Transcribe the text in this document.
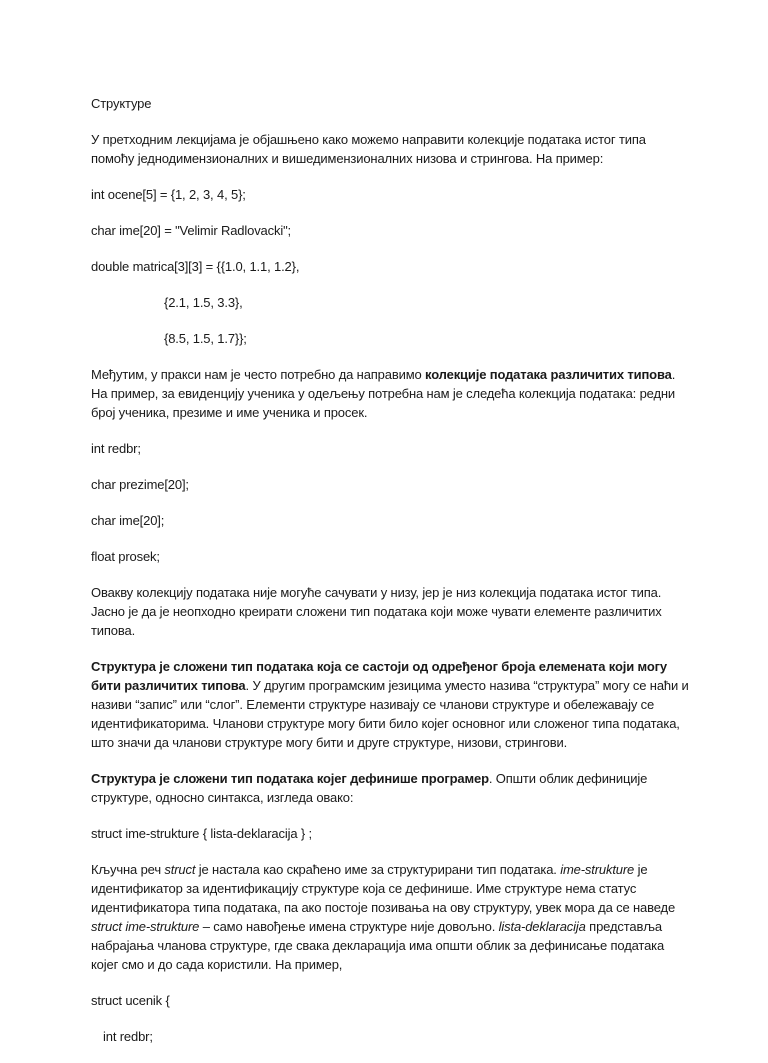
Структуре

У претходним лекцијама је објашњено како можемо направити колекције података истог типа помоћу једнодимензионалних и вишедимензионалних низова и стрингова. На пример:

int ocene[5] = {1, 2, 3, 4, 5};

char ime[20] = "Velimir Radlovacki";

double matrica[3][3] = {{1.0, 1.1, 1.2},

{2.1, 1.5, 3.3},

{8.5, 1.5, 1.7}};

Међутим, у пракси нам је често потребно да направимо колекције података различитих типова. На пример, за евиденцију ученика у одељењу потребна нам је следећа колекција података: редни број ученика, презиме и име ученика и просек.

int redbr;

char prezime[20];

char ime[20];

float prosek;

Овакву колекцију података није могуће сачувати у низу, јер је низ колекција података истог типа. Јасно је да је неопходно креирати сложени тип података који може чувати елементе различитих типова.

Структура је сложени тип података која се састоји од одређеног броја елемената који могу бити различитих типова. У другим програмским језицима уместо назива “структура” могу се наћи и називи “запис” или “слог”. Елементи структуре називају се чланови структуре и обележавају се идентификаторима. Чланови структуре могу бити било којег основног или сложеног типа података, што значи да чланови структуре могу бити и друге структуре, низови, стрингови.

Структура је сложени тип података којег дефинише програмер. Општи облик дефиниције структуре, односно синтакса, изгледа овако:

struct ime-strukture { lista-deklaracija } ;

Кључна реч struct је настала као скраћено име за структурирани тип података. ime-strukture је идентификатор за идентификацију структуре која се дефинише. Име структуре нема статус идентификатора типа података, па ако постоје позивања на ову структуру, увек мора да се наведе struct ime-strukture – само навођење имена структуре није довољно. lista-deklaracija представља набрајања чланова структуре, где свака декларација има општи облик за дефинисање података којег смо и до сада користили. На пример,

struct ucenik {

int redbr;
